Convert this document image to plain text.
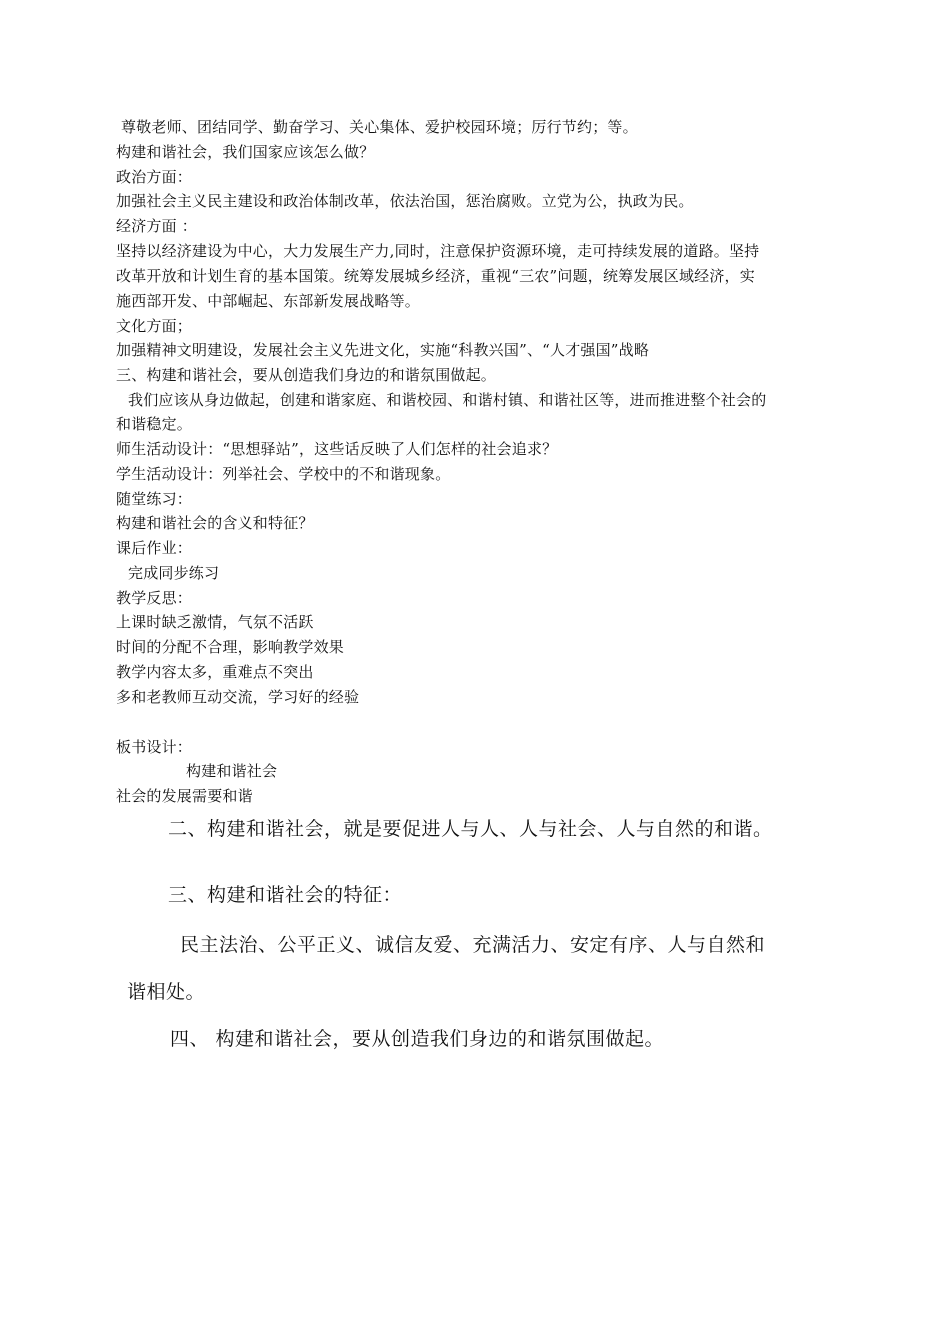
尊敬老师、团结同学、勤奋学习、关心集体、爱护校园环境；厉行节约；等。
构建和谐社会，我们国家应该怎么做？
政治方面：
加强社会主义民主建设和政治体制改革，依法治国，惩治腐败。立党为公，执政为民。
经济方面 ：
坚持以经济建设为中心，大力发展生产力,同时，注意保护资源环境，走可持续发展的道路。坚持
改革开放和计划生育的基本国策。统筹发展城乡经济，重视“三农”问题，统筹发展区域经济，实
施西部开发、中部崛起、东部新发展战略等。
文化方面；
加强精神文明建设，发展社会主义先进文化，实施“科教兴国”、“人才强国”战略
三、构建和谐社会，要从创造我们身边的和谐氛围做起。
我们应该从身边做起，创建和谐家庭、和谐校园、和谐村镇、和谐社区等，进而推进整个社会的
和谐稳定。
师生活动设计：“思想驿站”，这些话反映了人们怎样的社会追求？
学生活动设计：列举社会、学校中的不和谐现象。
随堂练习：
构建和谐社会的含义和特征？
课后作业：
完成同步练习
教学反思：
上课时缺乏激情，气氛不活跃
时间的分配不合理，影响教学效果
教学内容太多，重难点不突出
多和老教师互动交流，学习好的经验
板书设计：
构建和谐社会
社会的发展需要和谐
二、构建和谐社会，就是要促进人与人、人与社会、人与自然的和谐。
三、构建和谐社会的特征：
民主法治、公平正义、诚信友爱、充满活力、安定有序、人与自然和
谐相处。
四、 构建和谐社会，要从创造我们身边的和谐氛围做起。
